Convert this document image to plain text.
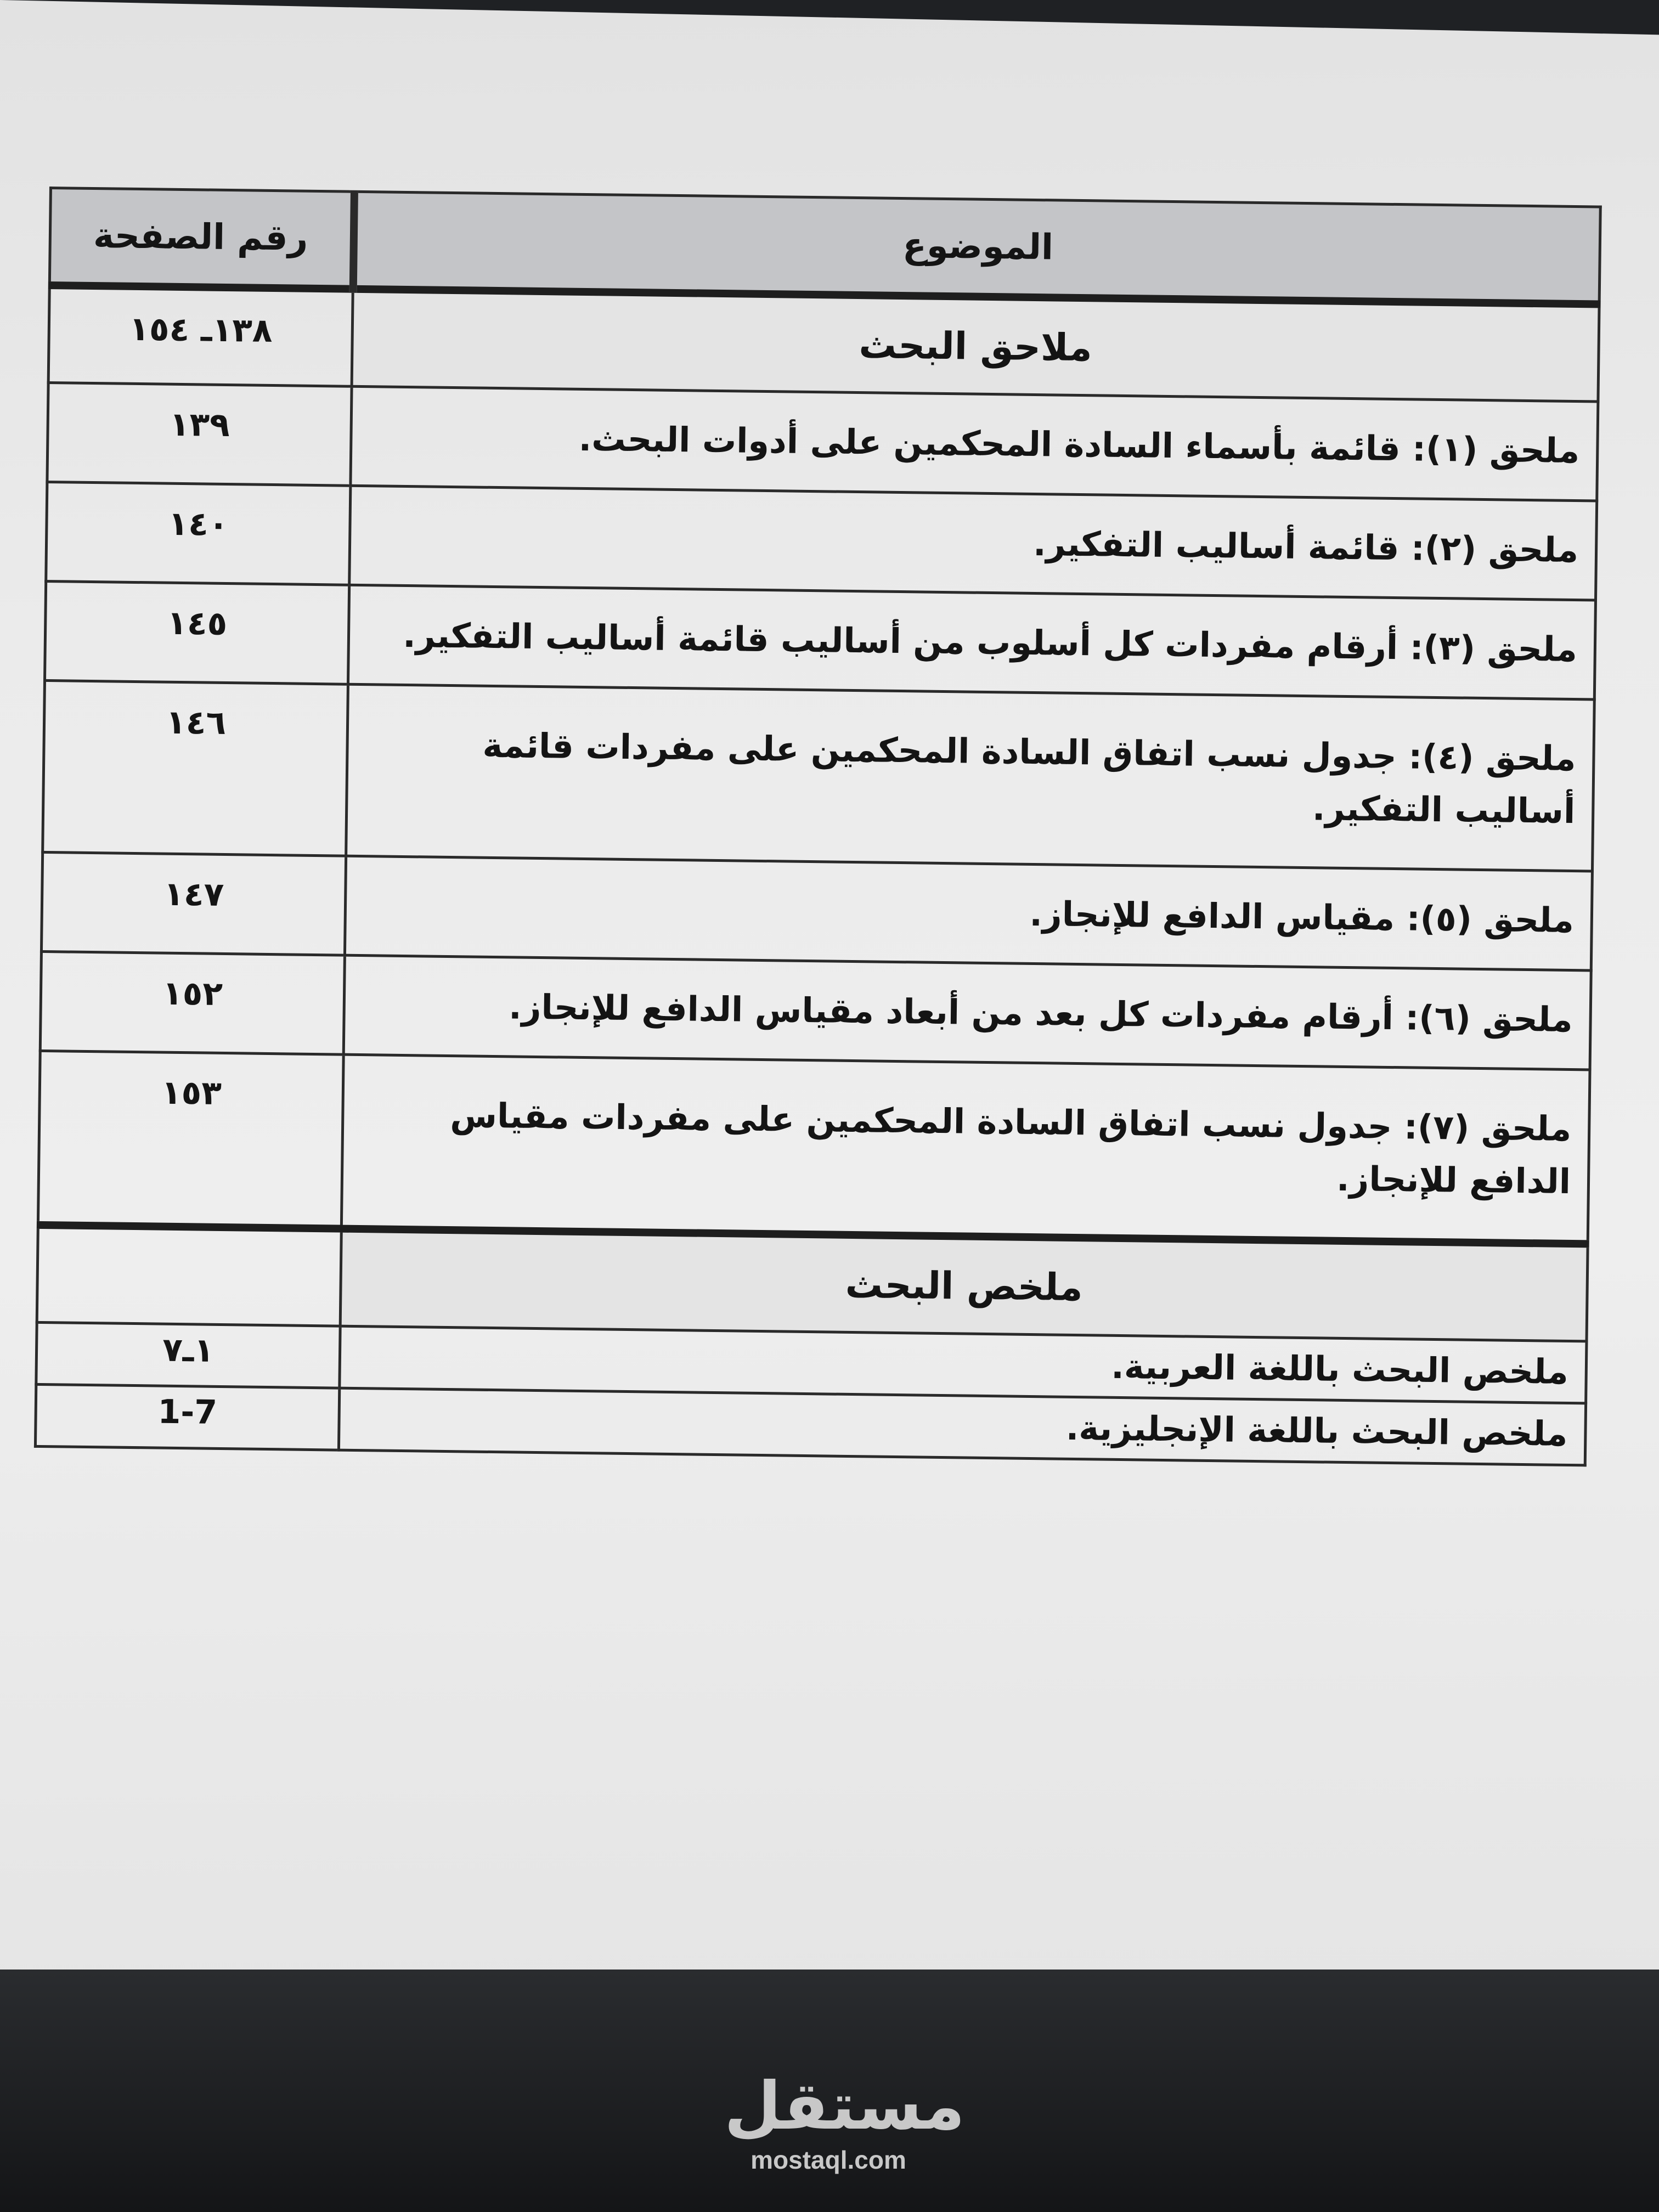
الموضوع	رقم الصفحة
ملاحق البحث	١٣٨ـ ١٥٤
ملحق (١): قائمة بأسماء السادة المحكمين على أدوات البحث.	١٣٩
ملحق (٢): قائمة أساليب التفكير.	١٤٠
ملحق (٣): أرقام مفردات كل أسلوب من أساليب قائمة أساليب التفكير.	١٤٥
ملحق (٤): جدول نسب اتفاق السادة المحكمين على مفردات قائمة أساليب التفكير.	١٤٦
ملحق (٥): مقياس الدافع للإنجاز.	١٤٧
ملحق (٦): أرقام مفردات كل بعد من أبعاد مقياس الدافع للإنجاز.	١٥٢
ملحق (٧): جدول نسب اتفاق السادة المحكمين على مفردات مقياس الدافع للإنجاز.	١٥٣
ملخص البحث	
ملخص البحث باللغة العربية.	١ـ٧
ملخص البحث باللغة الإنجليزية.	1-7
مستقل
mostaql.com
